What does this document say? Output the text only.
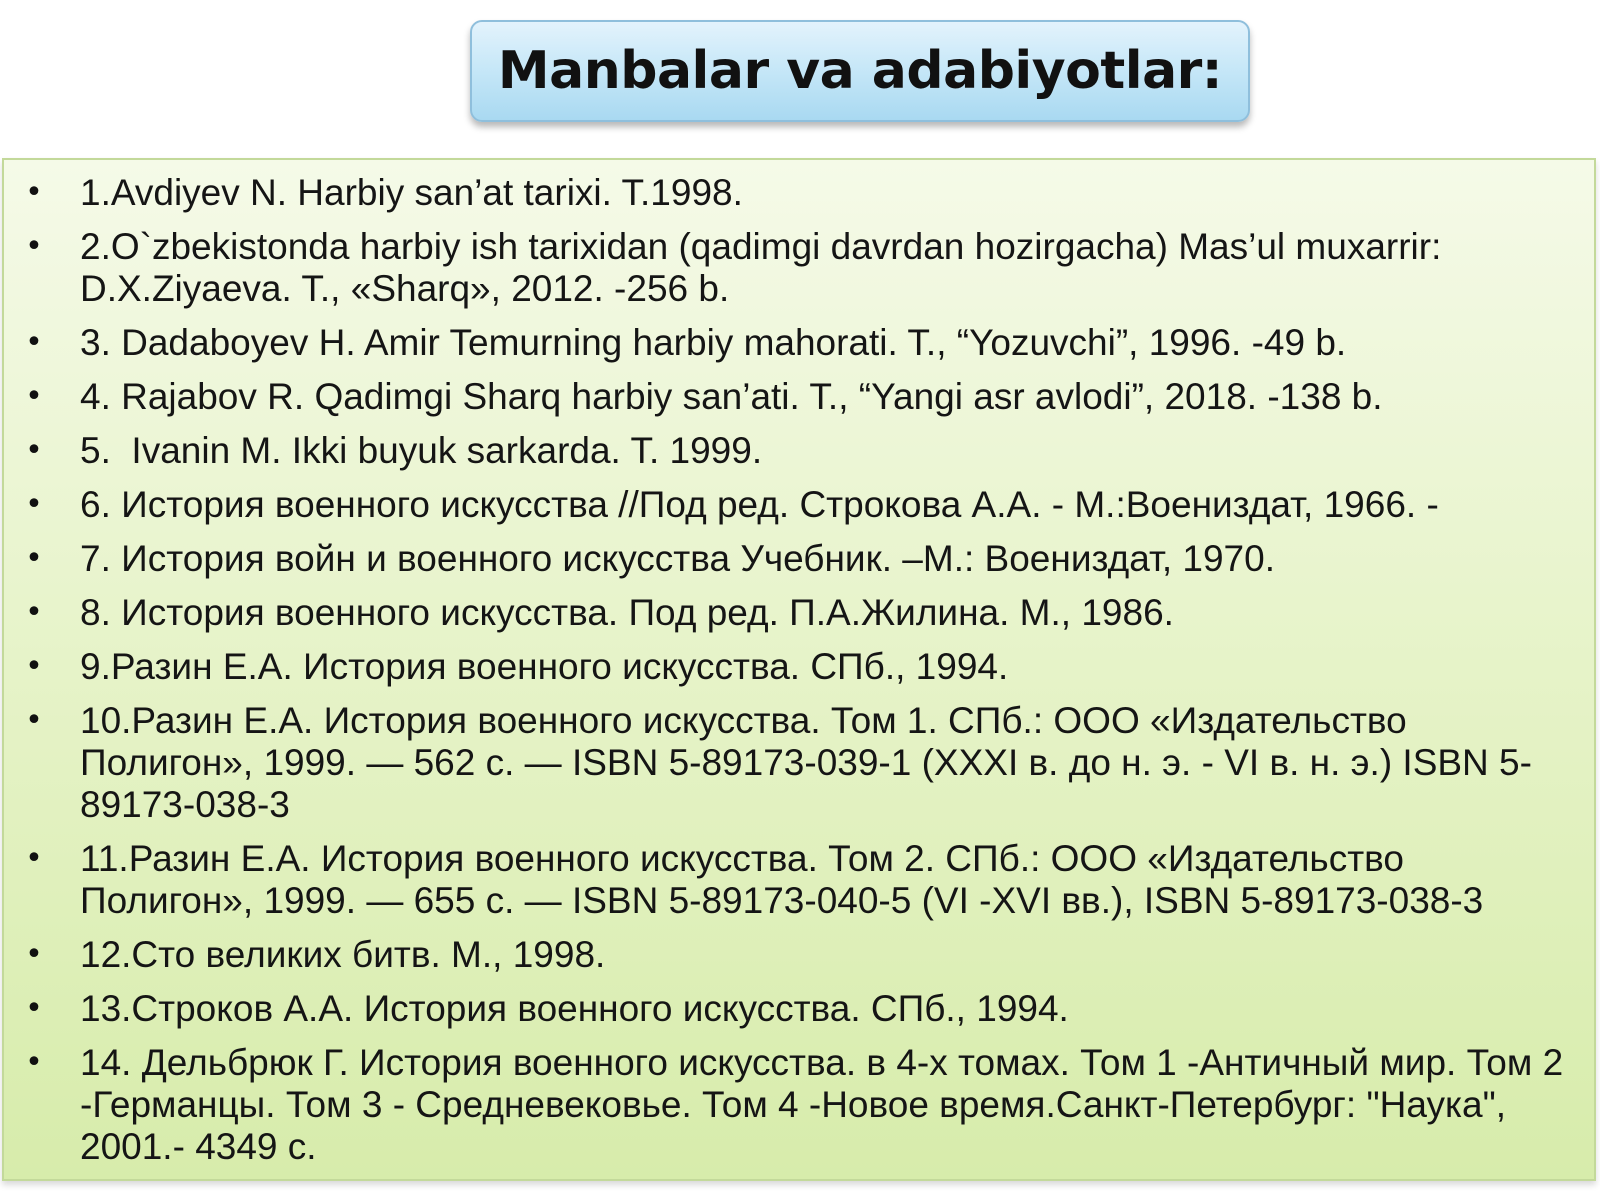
Manbalar va adabiyotlar:
• 1.Avdiyev N. Harbiy san’at tarixi. T.1998.
• 2.O`zbekistonda harbiy ish tarixidan (qadimgi davrdan hozirgacha) Mas’ul muxarrir: D.X.Ziyaeva. T., «Sharq», 2012. -256 b.
• 3. Dadaboyev H. Amir Temurning harbiy mahorati. T., “Yozuvchi”, 1996. -49 b.
• 4. Rajabov R. Qadimgi Sharq harbiy san’ati. T., “Yangi asr avlodi”, 2018. -138 b.
• 5.  Ivanin M. Ikki buyuk sarkarda. T. 1999.
• 6. История военного искусства //Под ред. Строкова А.А. - М.:Воениздат, 1966. -
• 7. История войн и военного искусства Учебник. –М.: Воениздат, 1970.
• 8. История военного искусства. Под ред. П.А.Жилина. М., 1986.
• 9.Разин Е.А. История военного искусства. СПб., 1994.
• 10.Разин Е.А. История военного искусства. Том 1. СПб.: ООО «Издательство Полигон», 1999. — 562 с. — ISBN 5-89173-039-1 (XXXI в. до н. э. - VI в. н. э.) ISBN 5-89173-038-3
• 11.Разин Е.А. История военного искусства. Том 2. СПб.: ООО «Издательство Полигон», 1999. — 655 с. — ISBN 5-89173-040-5 (VI -XVI вв.), ISBN 5-89173-038-3
• 12.Сто великих битв. М., 1998.
• 13.Строков А.А. История военного искусства. СПб., 1994.
• 14. Дельбрюк Г. История военного искусства. в 4-х томах. Том 1 -Античный мир. Том 2 -Германцы. Том 3 - Средневековье. Том 4 -Новое время.Санкт-Петербург: "Наука", 2001.- 4349 с.
